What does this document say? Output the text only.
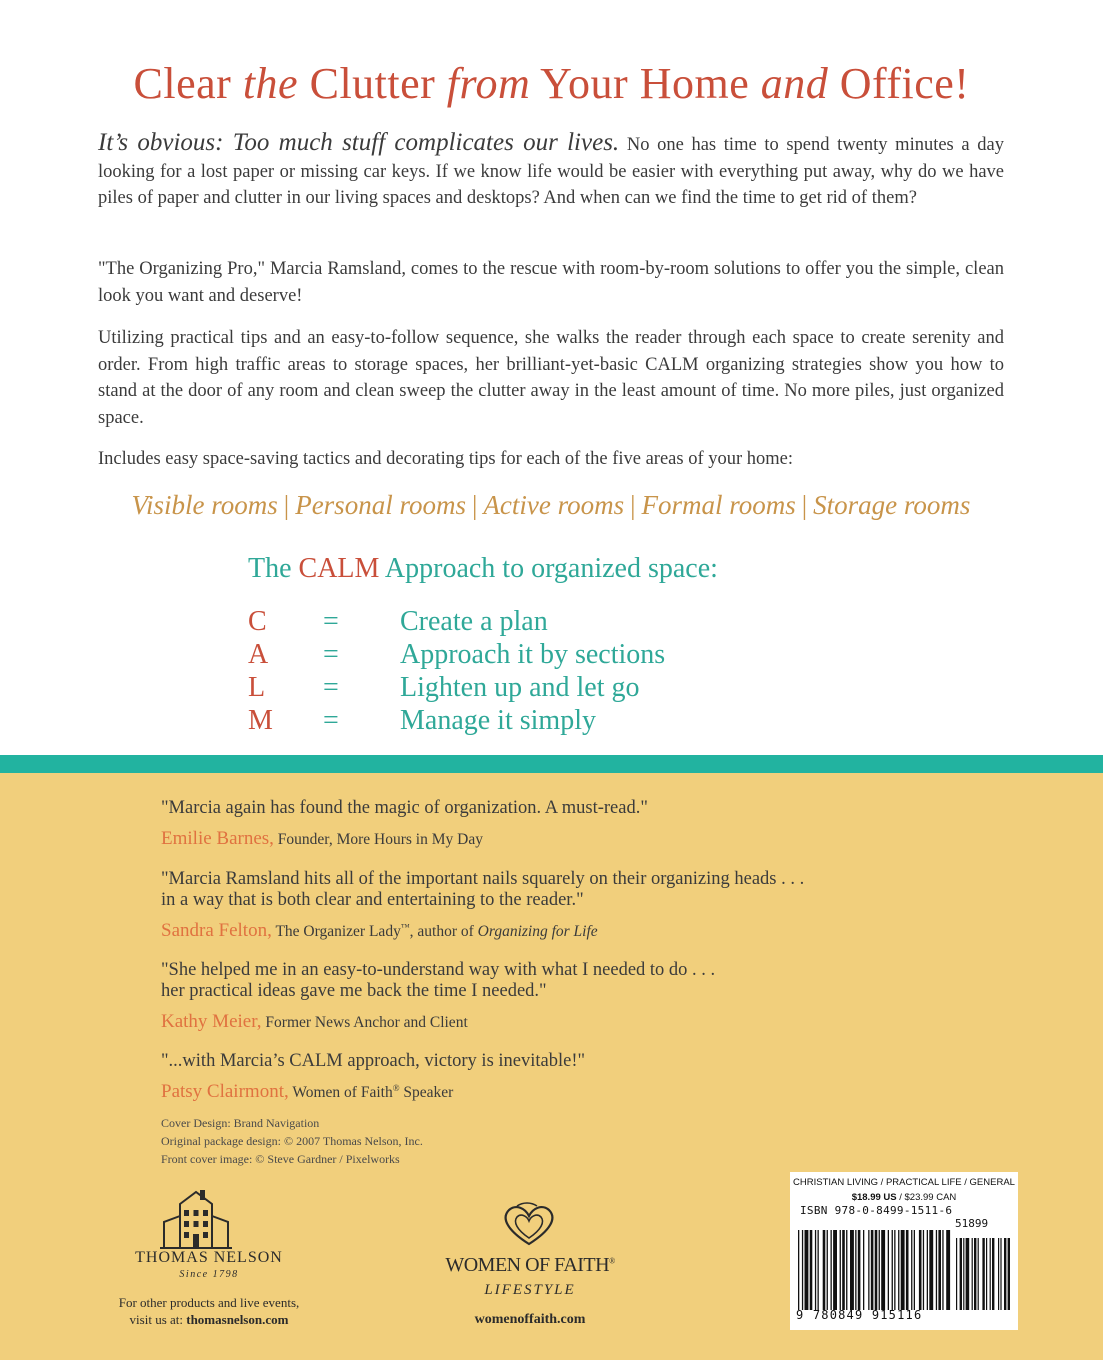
Clear the Clutter from Your Home and Office!
It’s obvious: Too much stuff complicates our lives. No one has time to spend twenty minutes a day looking for a lost paper or missing car keys. If we know life would be easier with everything put away, why do we have piles of paper and clutter in our living spaces and desktops? And when can we find the time to get rid of them?
"The Organizing Pro," Marcia Ramsland, comes to the rescue with room-by-room solutions to offer you the simple, clean look you want and deserve!
Utilizing practical tips and an easy-to-follow sequence, she walks the reader through each space to create serenity and order. From high traffic areas to storage spaces, her brilliant-yet-basic CALM organizing strategies show you how to stand at the door of any room and clean sweep the clutter away in the least amount of time. No more piles, just organized space.
Includes easy space-saving tactics and decorating tips for each of the five areas of your home:
Visible rooms | Personal rooms | Active rooms | Formal rooms | Storage rooms
The CALM Approach to organized space:
C = Create a plan
A = Approach it by sections
L = Lighten up and let go
M = Manage it simply
"Marcia again has found the magic of organization. A must-read."
Emilie Barnes, Founder, More Hours in My Day
"Marcia Ramsland hits all of the important nails squarely on their organizing heads . . .
in a way that is both clear and entertaining to the reader."
Sandra Felton, The Organizer Lady™, author of Organizing for Life
"She helped me in an easy-to-understand way with what I needed to do . . .
her practical ideas gave me back the time I needed."
Kathy Meier, Former News Anchor and Client
"...with Marcia’s CALM approach, victory is inevitable!"
Patsy Clairmont, Women of Faith® Speaker
Cover Design: Brand Navigation
Original package design: © 2007 Thomas Nelson, Inc.
Front cover image: © Steve Gardner / Pixelworks
THOMAS NELSON
Since 1798
For other products and live events,
visit us at: thomasnelson.com
WOMEN OF FAITH®
LIFESTYLE
womenoffaith.com
CHRISTIAN LIVING / PRACTICAL LIFE / GENERAL
$18.99 US / $23.99 CAN
ISBN 978-0-8499-1511-6
51899
9 780849 915116
